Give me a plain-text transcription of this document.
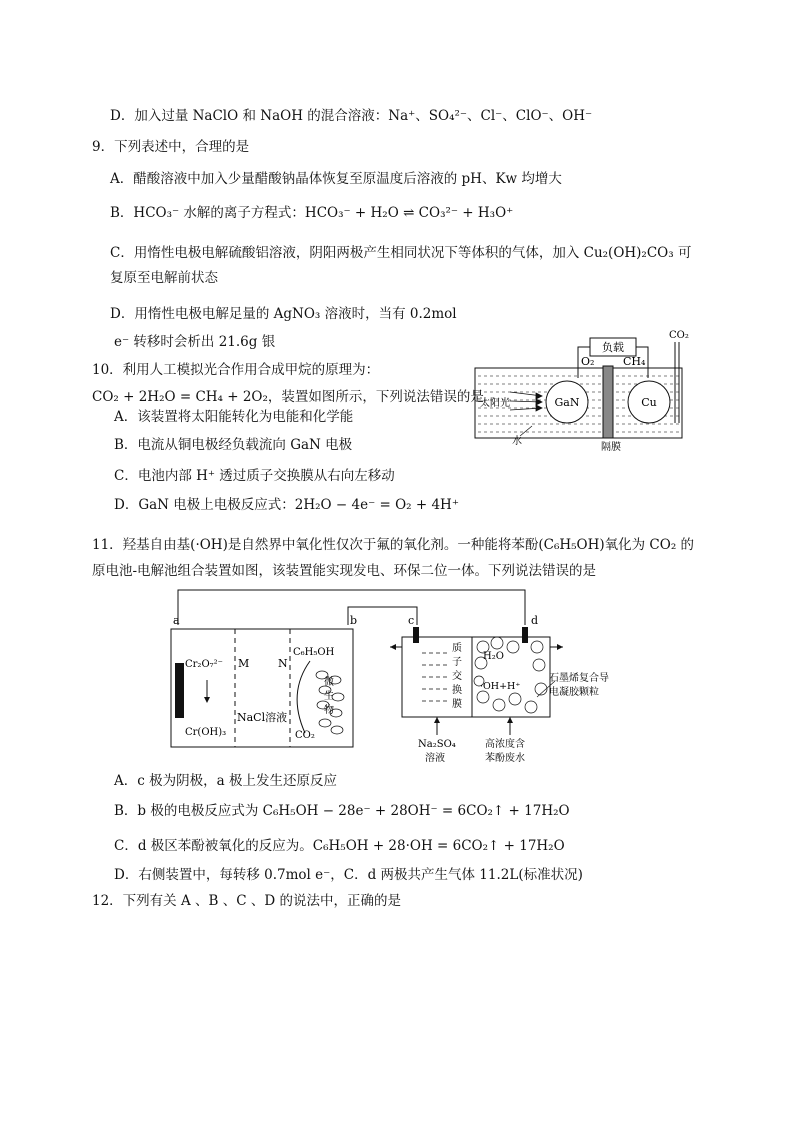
D．加入过量 NaClO 和 NaOH 的混合溶液：Na⁺、SO₄²⁻、Cl⁻、ClO⁻、OH⁻
9．下列表述中，合理的是
A．醋酸溶液中加入少量醋酸钠晶体恢复至原温度后溶液的 pH、Kw 均增大
B．HCO₃⁻ 水解的离子方程式：HCO₃⁻ + H₂O ⇌ CO₃²⁻ + H₃O⁺
C．用惰性电极电解硫酸铝溶液，阴阳两极产生相同状况下等体积的气体，加入 Cu₂(OH)₂CO₃ 可
复原至电解前状态
D．用惰性电极电解足量的 AgNO₃ 溶液时，当有 0.2mol
e⁻ 转移时会析出 21.6g 银
10．利用人工模拟光合作用合成甲烷的原理为：
CO₂ + 2H₂O = CH₄ + 2O₂，装置如图所示，下列说法错误的是
A．该装置将太阳能转化为电能和化学能
B．电流从铜电极经负载流向 GaN 电极
C．电池内部 H⁺ 透过质子交换膜从右向左移动
D．GaN 电极上电极反应式：2H₂O − 4e⁻ = O₂ + 4H⁺
11．羟基自由基(·OH)是自然界中氧化性仅次于氟的氧化剂。一种能将苯酚(C₆H₅OH)氧化为 CO₂ 的
原电池-电解池组合装置如图，该装置能实现发电、环保二位一体。下列说法错误的是
A．c 极为阴极，a 极上发生还原反应
B．b 极的电极反应式为 C₆H₅OH − 28e⁻ + 28OH⁻ = 6CO₂↑ + 17H₂O
C．d 极区苯酚被氧化的反应为。C₆H₅OH + 28·OH = 6CO₂↑ + 17H₂O
D．右侧装置中，每转移 0.7mol e⁻，C．d 两极共产生气体 11.2L(标准状况)
12．下列有关 A 、B 、C 、D 的说法中，正确的是
负载
O₂	CH₄
GaN	Cu
CO₂
太阳光
水
隔膜
a	b	c	d
Cr₂O₇²⁻
Cr(OH)₃
M	N
C₆H₅OH
微
生
物
NaCl溶液
CO₂
质
子
交
换
膜
H₂O
·OH+H⁺
石墨烯复合导
电凝胶颗粒
Na₂SO₄
溶液
高浓度含
苯酚废水
